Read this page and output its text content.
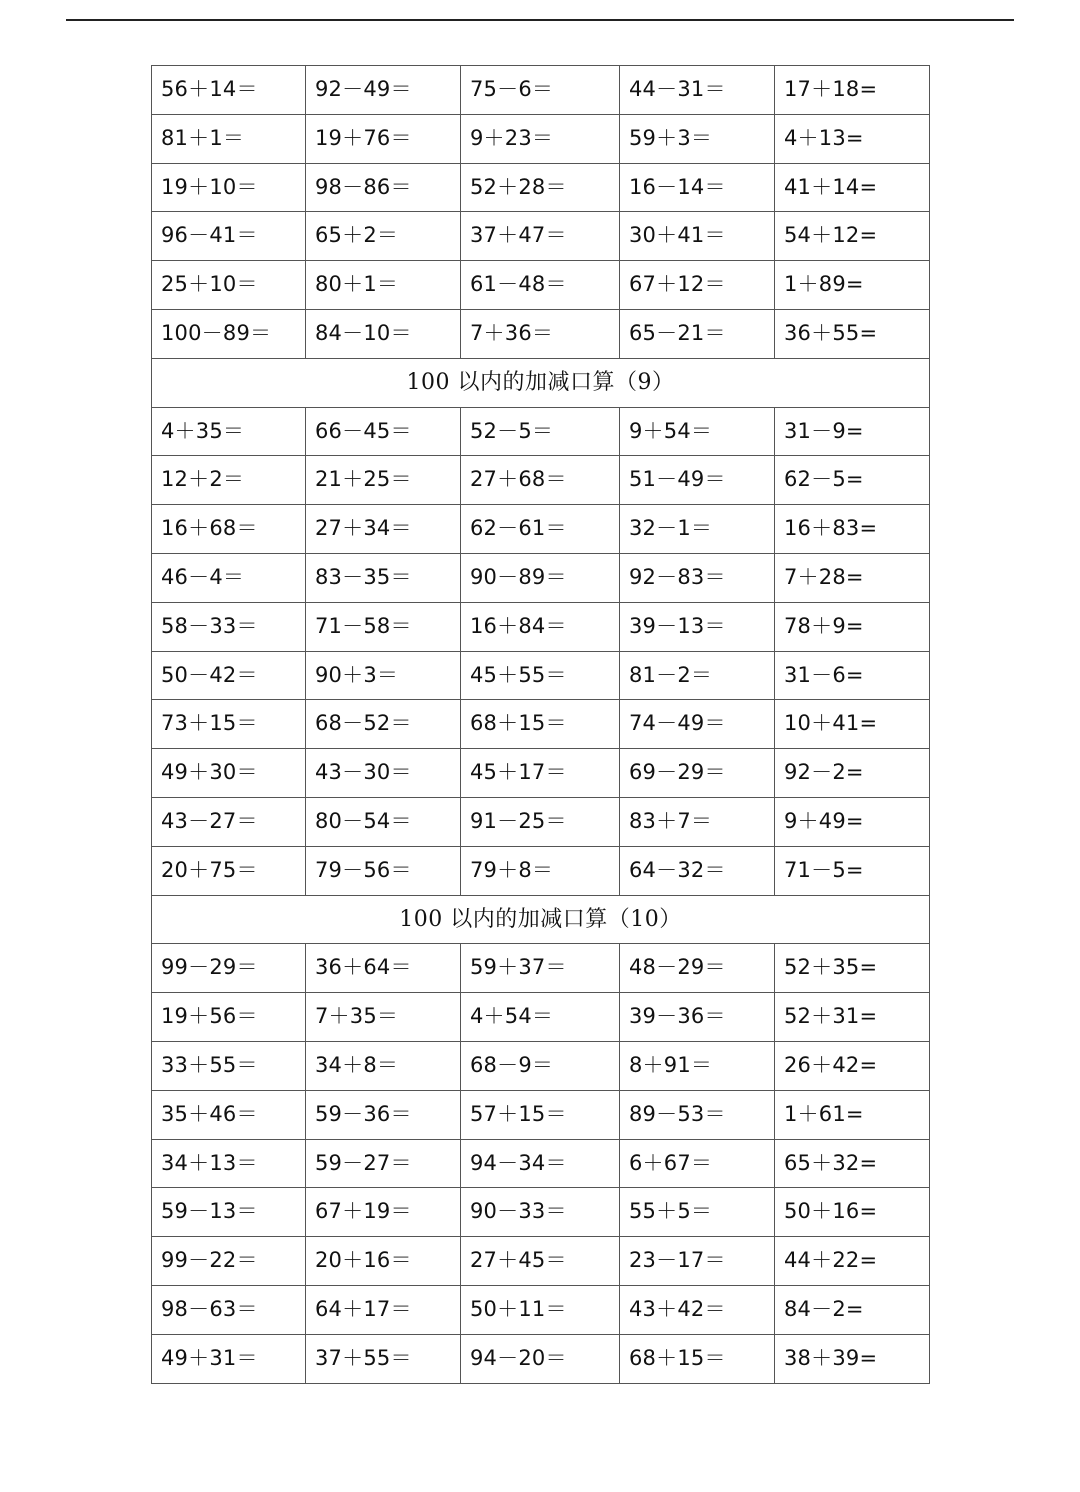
56＋14＝	92－49＝	75－6＝	44－31＝	17＋18=
81＋1＝	19＋76＝	9＋23＝	59＋3＝	4＋13=
19＋10＝	98－86＝	52＋28＝	16－14＝	41＋14=
96－41＝	65＋2＝	37＋47＝	30＋41＝	54＋12=
25＋10＝	80＋1＝	61－48＝	67＋12＝	1＋89=
100－89＝	84－10＝	7＋36＝	65－21＝	36＋55=
100 以内的加减口算（9）				
4＋35＝	66－45＝	52－5＝	9＋54＝	31－9=
12＋2＝	21＋25＝	27＋68＝	51－49＝	62－5=
16＋68＝	27＋34＝	62－61＝	32－1＝	16＋83=
46－4＝	83－35＝	90－89＝	92－83＝	7＋28=
58－33＝	71－58＝	16＋84＝	39－13＝	78＋9=
50－42＝	90＋3＝	45＋55＝	81－2＝	31－6=
73＋15＝	68－52＝	68＋15＝	74－49＝	10＋41=
49＋30＝	43－30＝	45＋17＝	69－29＝	92－2=
43－27＝	80－54＝	91－25＝	83＋7＝	9＋49=
20＋75＝	79－56＝	79＋8＝	64－32＝	71－5=
100 以内的加减口算（10）				
99－29＝	36＋64＝	59＋37＝	48－29＝	52＋35=
19＋56＝	7＋35＝	4＋54＝	39－36＝	52＋31=
33＋55＝	34＋8＝	68－9＝	8＋91＝	26＋42=
35＋46＝	59－36＝	57＋15＝	89－53＝	1＋61=
34＋13＝	59－27＝	94－34＝	6＋67＝	65＋32=
59－13＝	67＋19＝	90－33＝	55＋5＝	50＋16=
99－22＝	20＋16＝	27＋45＝	23－17＝	44＋22=
98－63＝	64＋17＝	50＋11＝	43＋42＝	84－2=
49＋31＝	37＋55＝	94－20＝	68＋15＝	38＋39=
